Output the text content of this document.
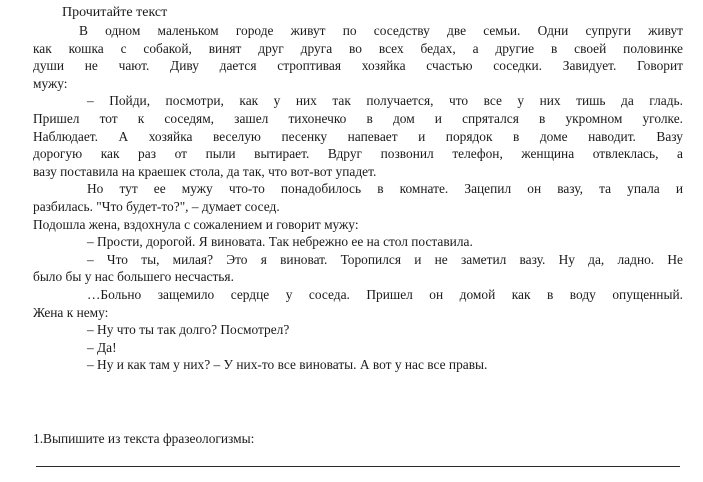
Прочитайте текст
В одном маленьком городе живут по соседству две семьи. Одни супруги живут
как кошка с собакой, винят друг друга во всех бедах, а другие в своей половинке
души не чают. Диву дается строптивая хозяйка счастью соседки. Завидует. Говорит
мужу:
– Пойди, посмотри, как у них так получается, что все у них тишь да гладь.
Пришел тот к соседям, зашел тихонечко в дом и спрятался в укромном уголке.
Наблюдает. А хозяйка веселую песенку напевает и порядок в доме наводит. Вазу
дорогую как раз от пыли вытирает. Вдруг позвонил телефон, женщина отвлеклась, а
вазу поставила на краешек стола, да так, что вот-вот упадет.
Но тут ее мужу что-то понадобилось в комнате. Зацепил он вазу, та упала и
разбилась. "Что будет-то?", – думает сосед.
Подошла жена, вздохнула с сожалением и говорит мужу:
– Прости, дорогой. Я виновата. Так небрежно ее на стол поставила.
– Что ты, милая? Это я виноват. Торопился и не заметил вазу. Ну да, ладно. Не
было бы у нас большего несчастья.
…Больно защемило сердце у соседа. Пришел он домой как в воду опущенный.
Жена к нему:
– Ну что ты так долго? Посмотрел?
– Да!
– Ну и как там у них? – У них-то все виноваты. А вот у нас все правы.
1.Выпишите из текста фразеологизмы:
